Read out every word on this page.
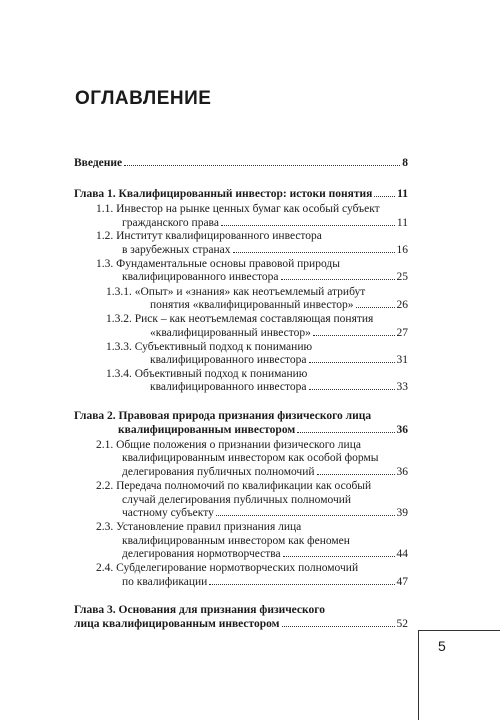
ОГЛАВЛЕНИЕ
Введение	8
Глава 1. Квалифицированный инвестор: истоки понятия 11
1.1. Инвестор на рынке ценных бумаг как особый субъект
гражданского права	11
1.2. Институт квалифицированного инвестора
в зарубежных странах	16
1.3. Фундаментальные основы правовой природы
квалифицированного инвестора	25
1.3.1. «Опыт» и «знания» как неотъемлемый атрибут
понятия «квалифицированный инвестор»	26
1.3.2. Риск – как неотъемлемая составляющая понятия
«квалифицированный инвестор»	27
1.3.3. Субъективный подход к пониманию
квалифицированного инвестора	31
1.3.4. Объективный подход к пониманию
квалифицированного инвестора	33
Глава 2. Правовая природа признания физического лица
квалифицированным инвестором	36
2.1. Общие положения о признании физического лица
квалифицированным инвестором как особой формы
делегирования публичных полномочий	36
2.2. Передача полномочий по квалификации как особый
случай делегирования публичных полномочий
частному субъекту	39
2.3. Установление правил признания лица
квалифицированным инвестором как феномен
делегирования нормотворчества	44
2.4. Субделегирование нормотворческих полномочий
по квалификации	47
Глава 3. Основания для признания физического
лица квалифицированным инвестором	52
5
